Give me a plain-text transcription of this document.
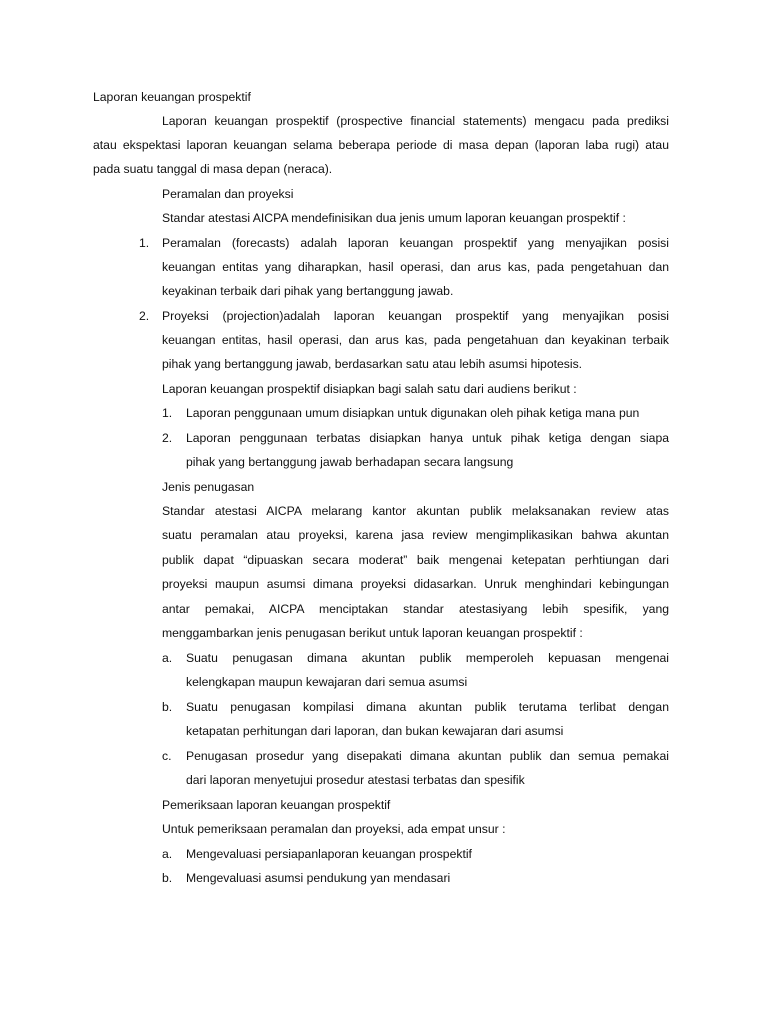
Laporan keuangan prospektif
Laporan keuangan prospektif (prospective financial statements) mengacu pada prediksi
atau ekspektasi laporan keuangan selama beberapa periode di masa depan (laporan laba rugi) atau
pada suatu tanggal di masa depan (neraca).
Peramalan dan proyeksi
Standar atestasi AICPA mendefinisikan dua jenis umum laporan keuangan prospektif :
1. Peramalan (forecasts) adalah laporan keuangan prospektif yang menyajikan posisi
keuangan entitas yang diharapkan, hasil operasi, dan arus kas, pada pengetahuan dan
keyakinan terbaik dari pihak yang bertanggung jawab.
2. Proyeksi (projection)adalah laporan keuangan prospektif yang menyajikan posisi
keuangan entitas, hasil operasi, dan arus kas, pada pengetahuan dan keyakinan terbaik
pihak yang bertanggung jawab, berdasarkan satu atau lebih asumsi hipotesis.
Laporan keuangan prospektif disiapkan bagi salah satu dari audiens berikut :
1. Laporan penggunaan umum disiapkan untuk digunakan oleh pihak ketiga mana pun
2. Laporan penggunaan terbatas disiapkan hanya untuk pihak ketiga dengan siapa
pihak yang bertanggung jawab berhadapan secara langsung
Jenis penugasan
Standar atestasi AICPA melarang kantor akuntan publik melaksanakan review atas
suatu peramalan atau proyeksi, karena jasa review mengimplikasikan bahwa akuntan
publik dapat “dipuaskan secara moderat” baik mengenai ketepatan perhtiungan dari
proyeksi maupun asumsi dimana proyeksi didasarkan. Unruk menghindari kebingungan
antar pemakai, AICPA menciptakan standar atestasiyang lebih spesifik, yang
menggambarkan jenis penugasan berikut untuk laporan keuangan prospektif :
a. Suatu penugasan dimana akuntan publik memperoleh kepuasan mengenai
kelengkapan maupun kewajaran dari semua asumsi
b. Suatu penugasan kompilasi dimana akuntan publik terutama terlibat dengan
ketapatan perhitungan dari laporan, dan bukan kewajaran dari asumsi
c. Penugasan prosedur yang disepakati dimana akuntan publik dan semua pemakai
dari laporan menyetujui prosedur atestasi terbatas dan spesifik
Pemeriksaan laporan keuangan prospektif
Untuk pemeriksaan peramalan dan proyeksi, ada empat unsur :
a. Mengevaluasi persiapanlaporan keuangan prospektif
b. Mengevaluasi asumsi pendukung yan mendasari
